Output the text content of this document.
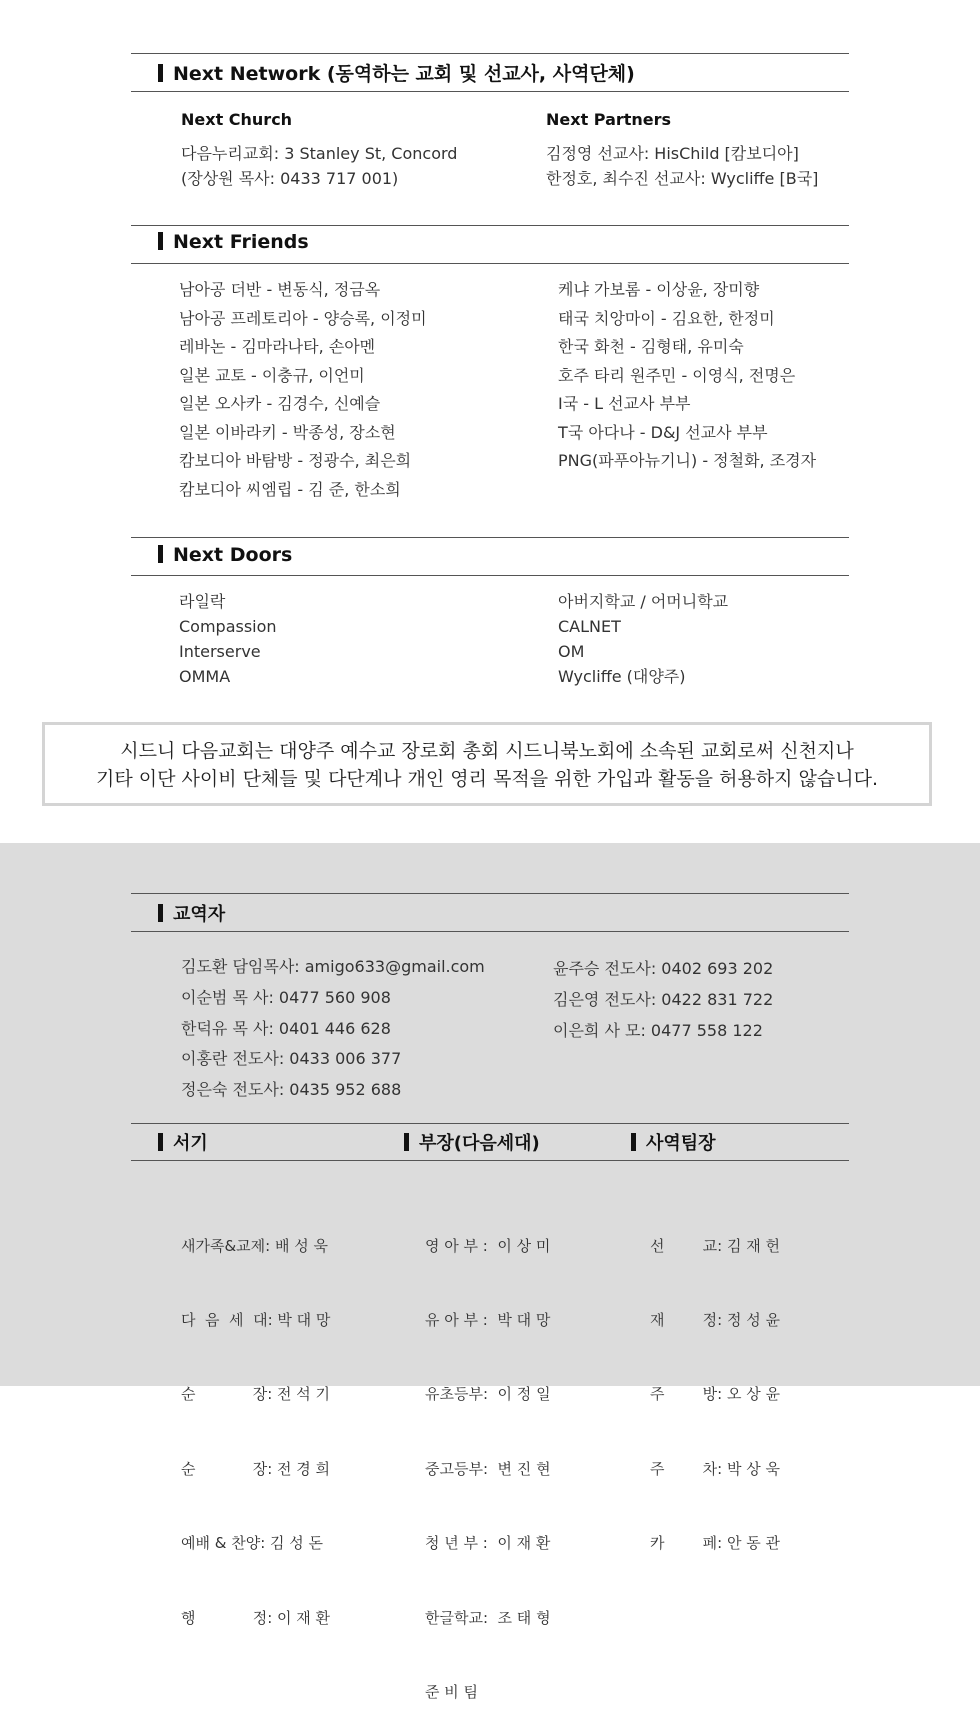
Next Network (동역하는 교회 및 선교사, 사역단체)
Next Church
다음누리교회: 3 Stanley St, Concord
(장상원 목사: 0433 717 001)
Next Partners
김정영 선교사: HisChild [캄보디아]
한정호, 최수진 선교사: Wycliffe [B국]
Next Friends
남아공 더반 - 변동식, 정금옥
남아공 프레토리아 - 양승록, 이정미
레바논 - 김마라나타, 손아멘
일본 교토 - 이충규, 이언미
일본 오사카 - 김경수, 신예슬
일본 이바라키 - 박종성, 장소현
캄보디아 바탐방 - 정광수, 최은희
캄보디아 씨엠립 - 김 준, 한소희
케냐 가보롬 - 이상윤, 장미향
태국 치앙마이 - 김요한, 한정미
한국 화천 - 김형태, 유미숙
호주 타리 원주민 - 이영식, 전명은
I국 - L 선교사 부부
T국 아다나 - D&J 선교사 부부
PNG(파푸아뉴기니) - 정철화, 조경자
Next Doors
라일락
Compassion
Interserve
OMMA
아버지학교 / 어머니학교
CALNET
OM
Wycliffe (대양주)
시드니 다음교회는 대양주 예수교 장로회 총회 시드니북노회에 소속된 교회로써 신천지나
기타 이단 사이비 단체들 및 다단계나 개인 영리 목적을 위한 가입과 활동을 허용하지 않습니다.
교역자
김도환 담임목사: amigo633@gmail.com
이순범 목 사: 0477 560 908
한덕유 목 사: 0401 446 628
이홍란 전도사: 0433 006 377
정은숙 전도사: 0435 952 688
윤주승 전도사: 0402 693 202
김은영 전도사: 0422 831 722
이은희 사 모: 0477 558 122
서기	부장(다음세대)	사역팀장

새가족&교제: 배 성 욱

다  음  세  대: 박 대 망

순            장: 전 석 기

순            장: 전 경 희

예배 & 찬양: 김 성 돈

행            정: 이 재 환

영 아 부 :  이 상 미

유 아 부 :  박 대 망

유초등부:  이 정 일

중고등부:  변 진 현

청 년 부 :  이 재 환

한글학교:  조 태 형

준 비 팀

선        교: 김 재 헌

재        정: 정 성 윤

주        방: 오 상 윤

주        차: 박 상 욱

카        페: 안 동 관
